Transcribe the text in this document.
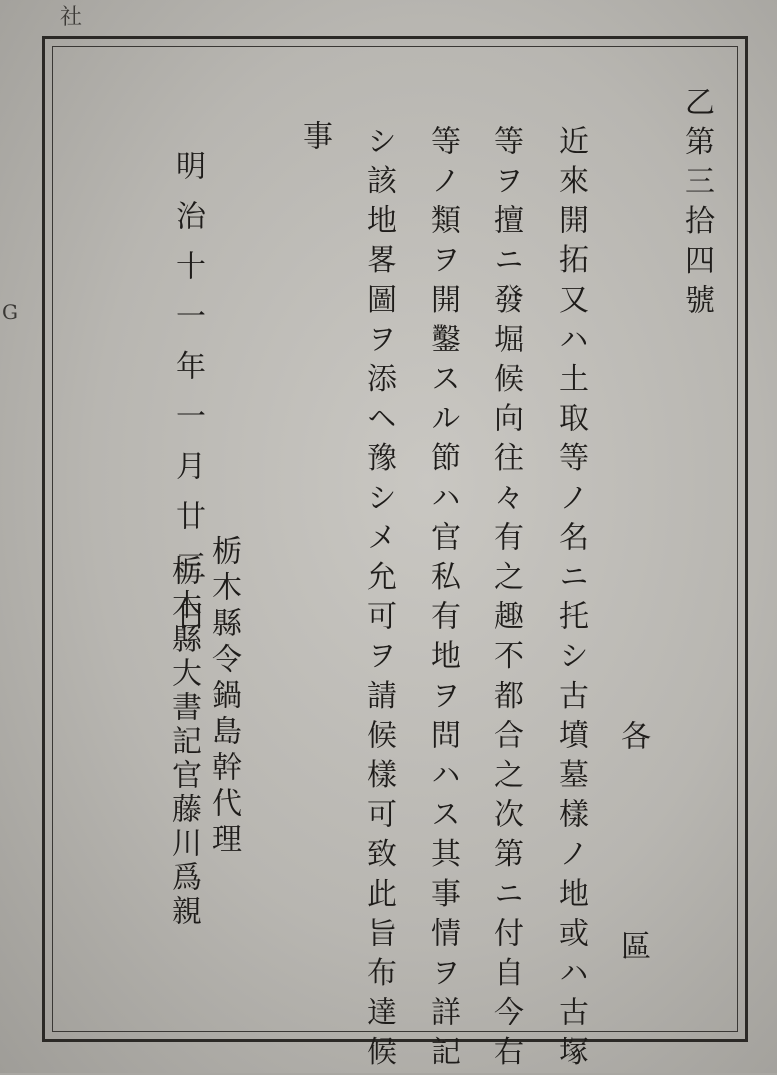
社
G	乙第三拾四號
近來開拓又ハ土取等ノ名ニ托シ古墳墓樣ノ地或ハ古塚
等ヲ擅ニ發堀候向往々有之趣不都合之次第ニ付自今右	各　　區
等ノ類ヲ開鑿スル節ハ官私有地ヲ問ハス其事情ヲ詳記
シ該地畧圖ヲ添ヘ豫シメ允可ヲ請候樣可致此旨布達候
事
明治十一年一月廿三日
栃木縣令鍋島幹代理
栃木縣大書記官藤川爲親
